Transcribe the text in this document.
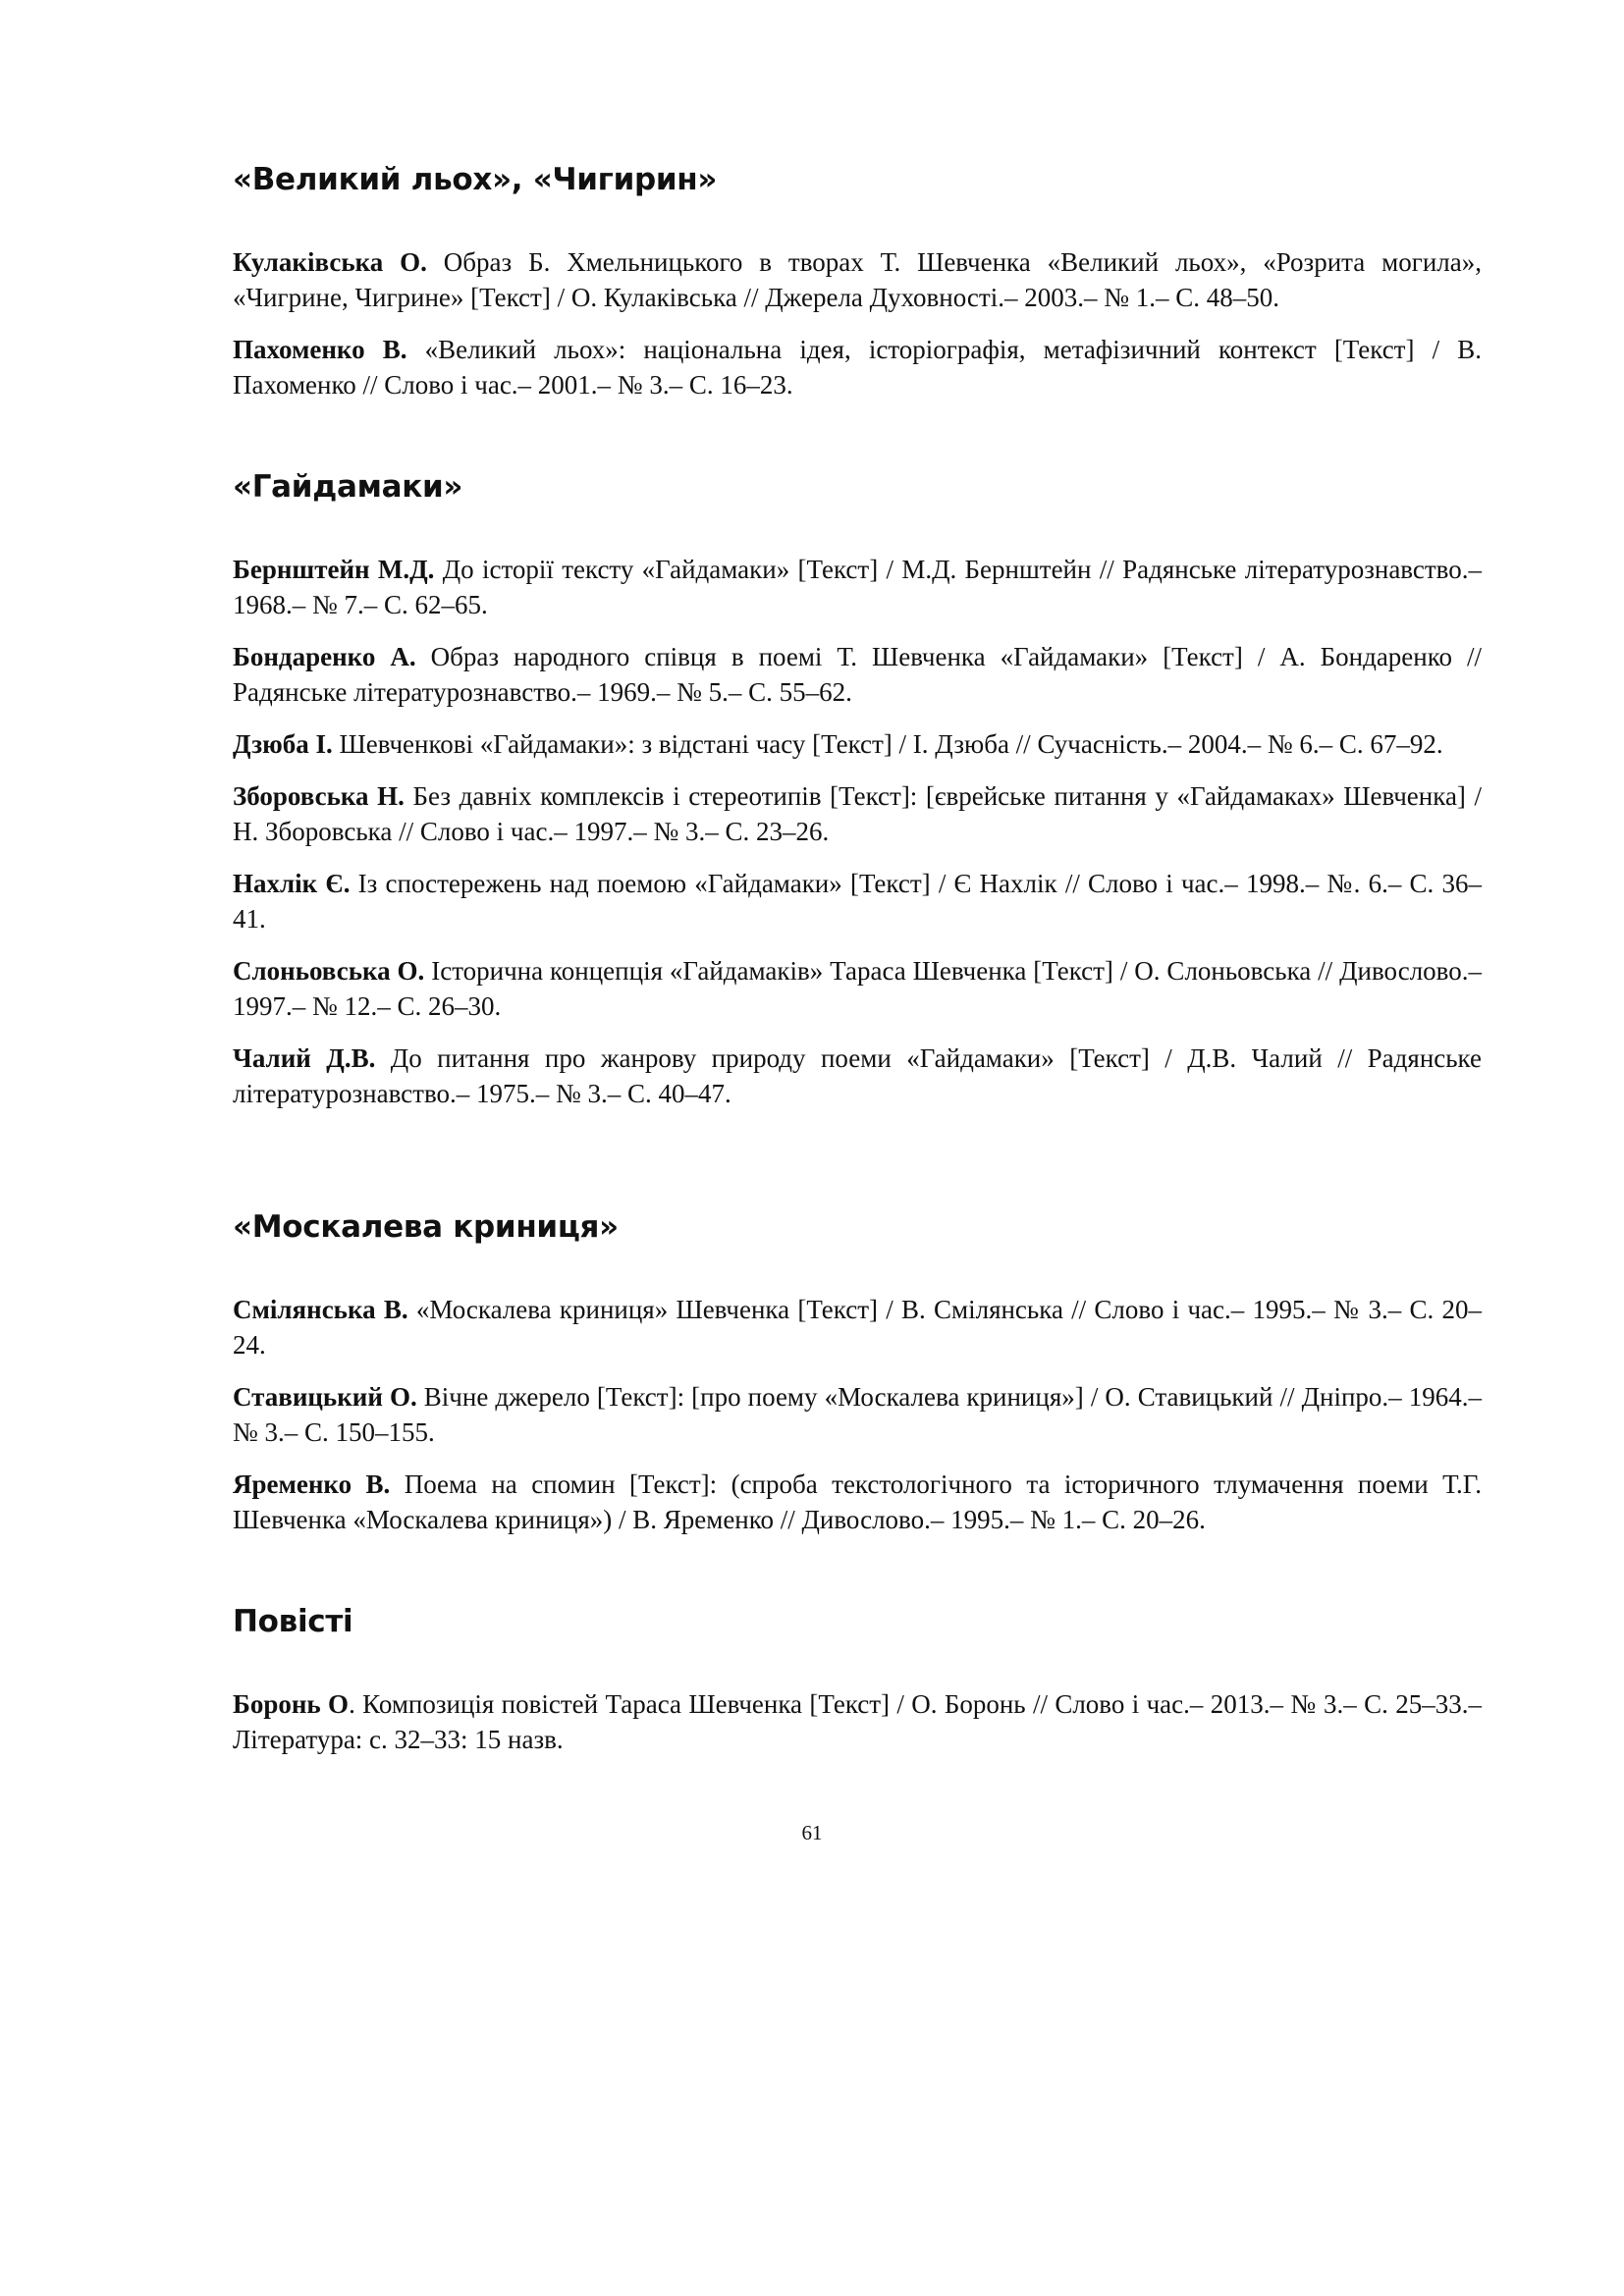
«Великий льох», «Чигирин»

Кулаківська О. Образ Б. Хмельницького в творах Т. Шевченка «Великий льох», «Розрита могила», «Чигрине, Чигрине» [Текст] / О. Кулаківська // Джерела Духовності.– 2003.– № 1.– С. 48–50.

Пахоменко В. «Великий льох»: національна ідея, історіографія, метафізичний контекст [Текст] / В. Пахоменко // Слово і час.– 2001.– № 3.– С. 16–23.

«Гайдамаки»

Бернштейн М.Д. До історії тексту «Гайдамаки» [Текст] / М.Д. Бернштейн // Радянське літературознавство.– 1968.– № 7.– С. 62–65.

Бондаренко А. Образ народного співця в поемі Т. Шевченка «Гайдамаки» [Текст] / А. Бондаренко // Радянське літературознавство.– 1969.– № 5.– С. 55–62.

Дзюба І. Шевченкові «Гайдамаки»: з відстані часу [Текст] / І. Дзюба // Сучасність.– 2004.– № 6.– С. 67–92.

Зборовська Н. Без давніх комплексів і стереотипів [Текст]: [єврейське питання у «Гайдамаках» Шевченка] / Н. Зборовська // Слово і час.– 1997.– № 3.– С. 23–26.

Нахлік Є. Із спостережень над поемою «Гайдамаки» [Текст] / Є Нахлік // Слово і час.– 1998.– №. 6.– С. 36–41.

Слоньовська О. Історична концепція «Гайдамаків» Тараса Шевченка [Текст] / О. Слоньовська // Дивослово.– 1997.– № 12.– С. 26–30.

Чалий Д.В. До питання про жанрову природу поеми «Гайдамаки» [Текст] / Д.В. Чалий // Радянське літературознавство.– 1975.– № 3.– С. 40–47.

«Москалева криниця»

Смілянська В. «Москалева криниця» Шевченка [Текст] / В. Смілянська // Слово і час.– 1995.– № 3.– С. 20–24.

Ставицький О. Вічне джерело [Текст]: [про поему «Москалева криниця»] / О. Ставицький // Дніпро.– 1964.– № 3.– С. 150–155.

Яременко В. Поема на спомин [Текст]: (спроба текстологічного та історичного тлумачення поеми Т.Г. Шевченка «Москалева криниця») / В. Яременко // Дивослово.– 1995.– № 1.– С. 20–26.

Повісті

Боронь О. Композиція повістей Тараса Шевченка [Текст] / О. Боронь // Слово і час.– 2013.– № 3.– С. 25–33.– Література: с. 32–33: 15 назв.

61
